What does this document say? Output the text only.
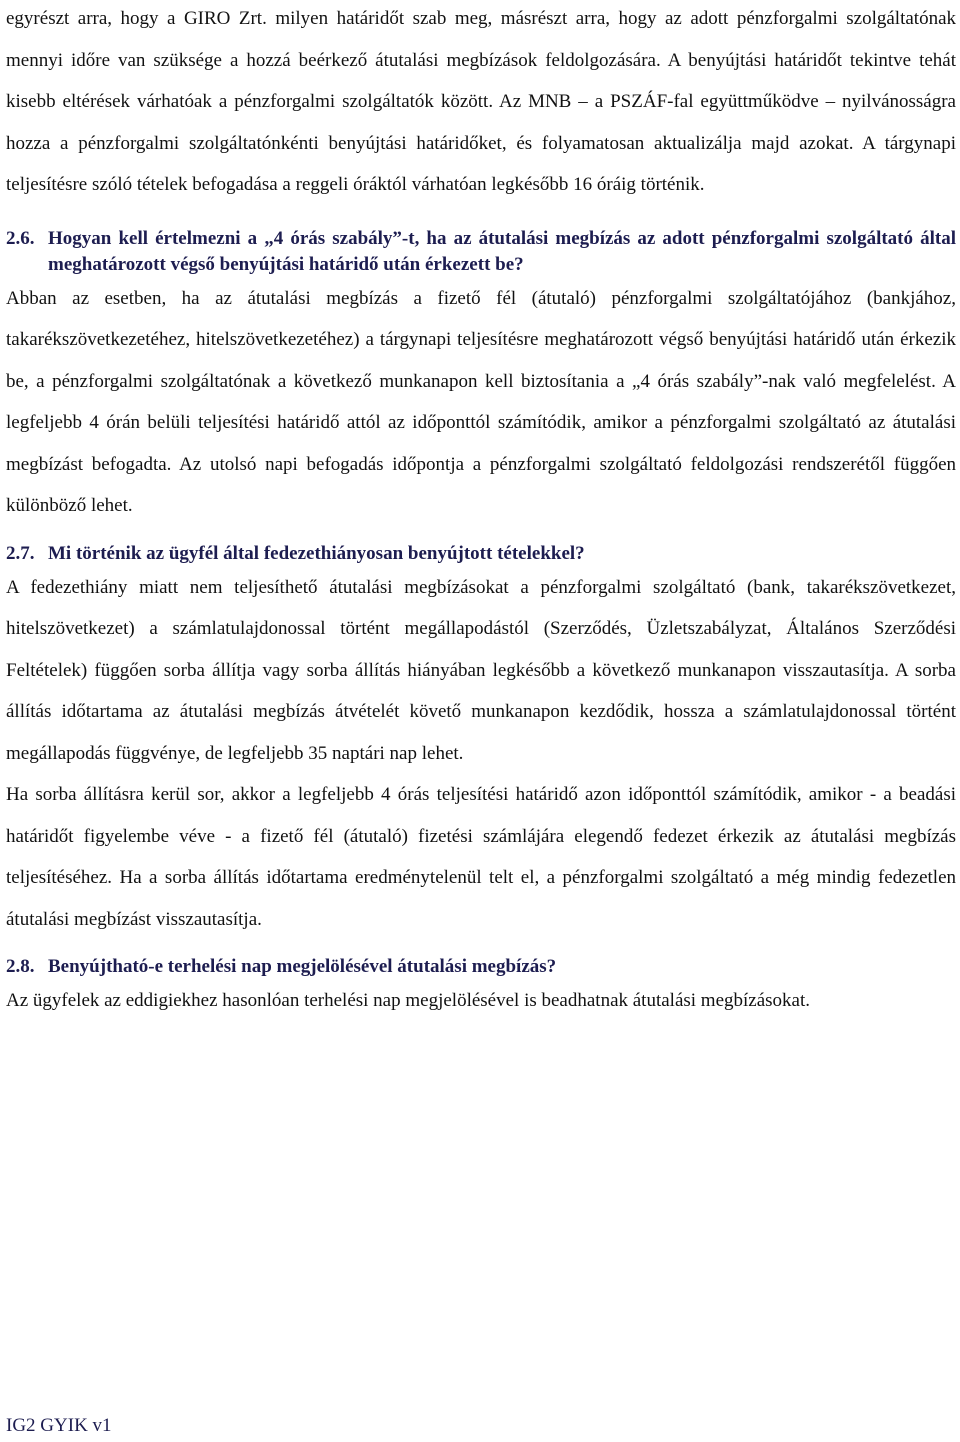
egyrészt arra, hogy a GIRO Zrt. milyen határidőt szab meg, másrészt arra, hogy az adott pénzforgalmi szolgáltatónak mennyi időre van szüksége a hozzá beérkező átutalási megbízások feldolgozására. A benyújtási határidőt tekintve tehát kisebb eltérések várhatóak a pénzforgalmi szolgáltatók között. Az MNB – a PSZÁF-fal együttműködve – nyilvánosságra hozza a pénzforgalmi szolgáltatónkénti benyújtási határidőket, és folyamatosan aktualizálja majd azokat. A tárgynapi teljesítésre szóló tételek befogadása a reggeli óráktól várhatóan legkésőbb 16 óráig történik.

2.6. Hogyan kell értelmezni a „4 órás szabály”-t, ha az átutalási megbízás az adott pénzforgalmi szolgáltató által meghatározott végső benyújtási határidő után érkezett be?

Abban az esetben, ha az átutalási megbízás a fizető fél (átutaló) pénzforgalmi szolgáltatójához (bankjához, takarékszövetkezetéhez, hitelszövetkezetéhez) a tárgynapi teljesítésre meghatározott végső benyújtási határidő után érkezik be, a pénzforgalmi szolgáltatónak a következő munkanapon kell biztosítania a „4 órás szabály”-nak való megfelelést. A legfeljebb 4 órán belüli teljesítési határidő attól az időponttól számítódik, amikor a pénzforgalmi szolgáltató az átutalási megbízást befogadta. Az utolsó napi befogadás időpontja a pénzforgalmi szolgáltató feldolgozási rendszerétől függően különböző lehet.

2.7. Mi történik az ügyfél által fedezethiányosan benyújtott tételekkel?

A fedezethiány miatt nem teljesíthető átutalási megbízásokat a pénzforgalmi szolgáltató (bank, takarékszövetkezet, hitelszövetkezet) a számlatulajdonossal történt megállapodástól (Szerződés, Üzletszabályzat, Általános Szerződési Feltételek) függően sorba állítja vagy sorba állítás hiányában legkésőbb a következő munkanapon visszautasítja. A sorba állítás időtartama az átutalási megbízás átvételét követő munkanapon kezdődik, hossza a számlatulajdonossal történt megállapodás függvénye, de legfeljebb 35 naptári nap lehet.

Ha sorba állításra kerül sor, akkor a legfeljebb 4 órás teljesítési határidő azon időponttól számítódik, amikor - a beadási határidőt figyelembe véve - a fizető fél (átutaló) fizetési számlájára elegendő fedezet érkezik az átutalási megbízás teljesítéséhez. Ha a sorba állítás időtartama eredménytelenül telt el, a pénzforgalmi szolgáltató a még mindig fedezetlen átutalási megbízást visszautasítja.

2.8. Benyújtható-e terhelési nap megjelölésével átutalási megbízás?

Az ügyfelek az eddigiekhez hasonlóan terhelési nap megjelölésével is beadhatnak átutalási megbízásokat.

IG2 GYIK v1
